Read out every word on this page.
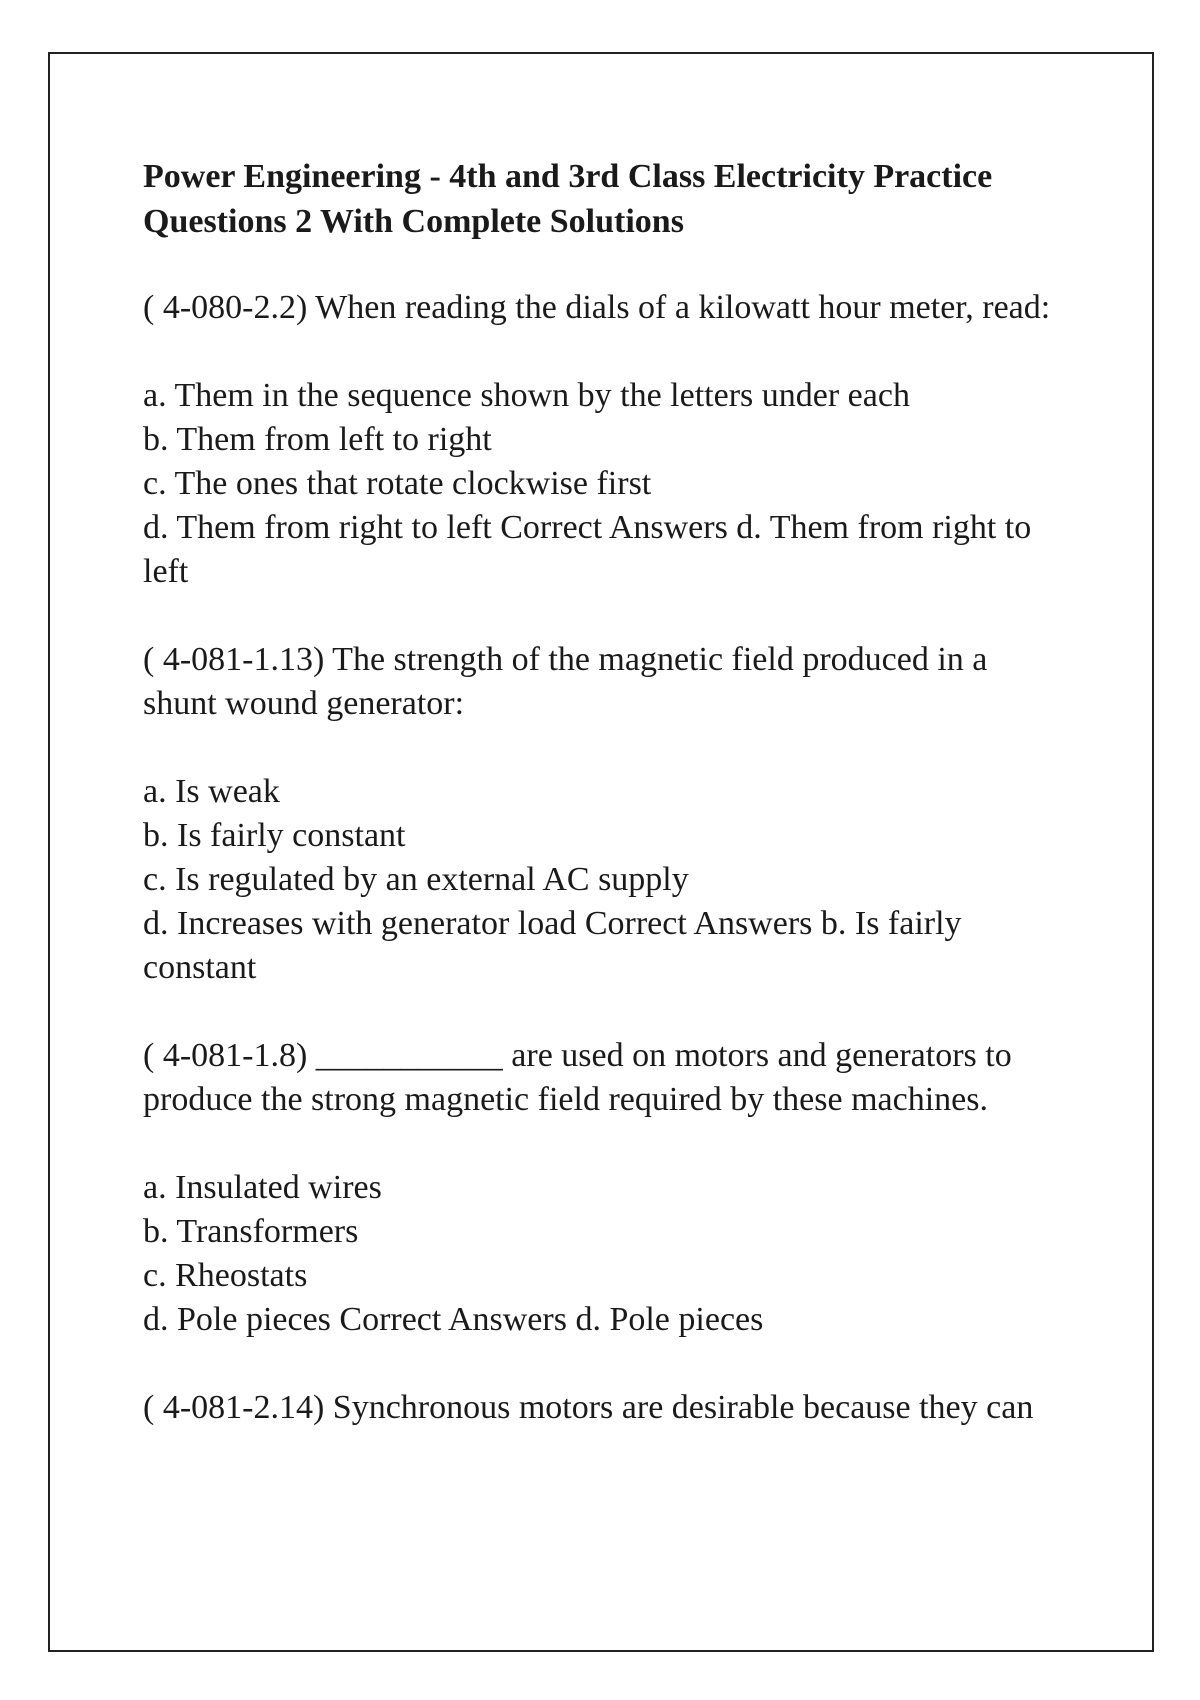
Power Engineering - 4th and 3rd Class Electricity Practice Questions 2 With Complete Solutions

( 4-080-2.2) When reading the dials of a kilowatt hour meter, read:

a. Them in the sequence shown by the letters under each
b. Them from left to right
c. The ones that rotate clockwise first
d. Them from right to left Correct Answers d. Them from right to left

( 4-081-1.13) The strength of the magnetic field produced in a shunt wound generator:

a. Is weak
b. Is fairly constant
c. Is regulated by an external AC supply
d. Increases with generator load Correct Answers b. Is fairly constant

( 4-081-1.8) ___________ are used on motors and generators to produce the strong magnetic field required by these machines.

a. Insulated wires
b. Transformers
c. Rheostats
d. Pole pieces Correct Answers d. Pole pieces

( 4-081-2.14) Synchronous motors are desirable because they can
